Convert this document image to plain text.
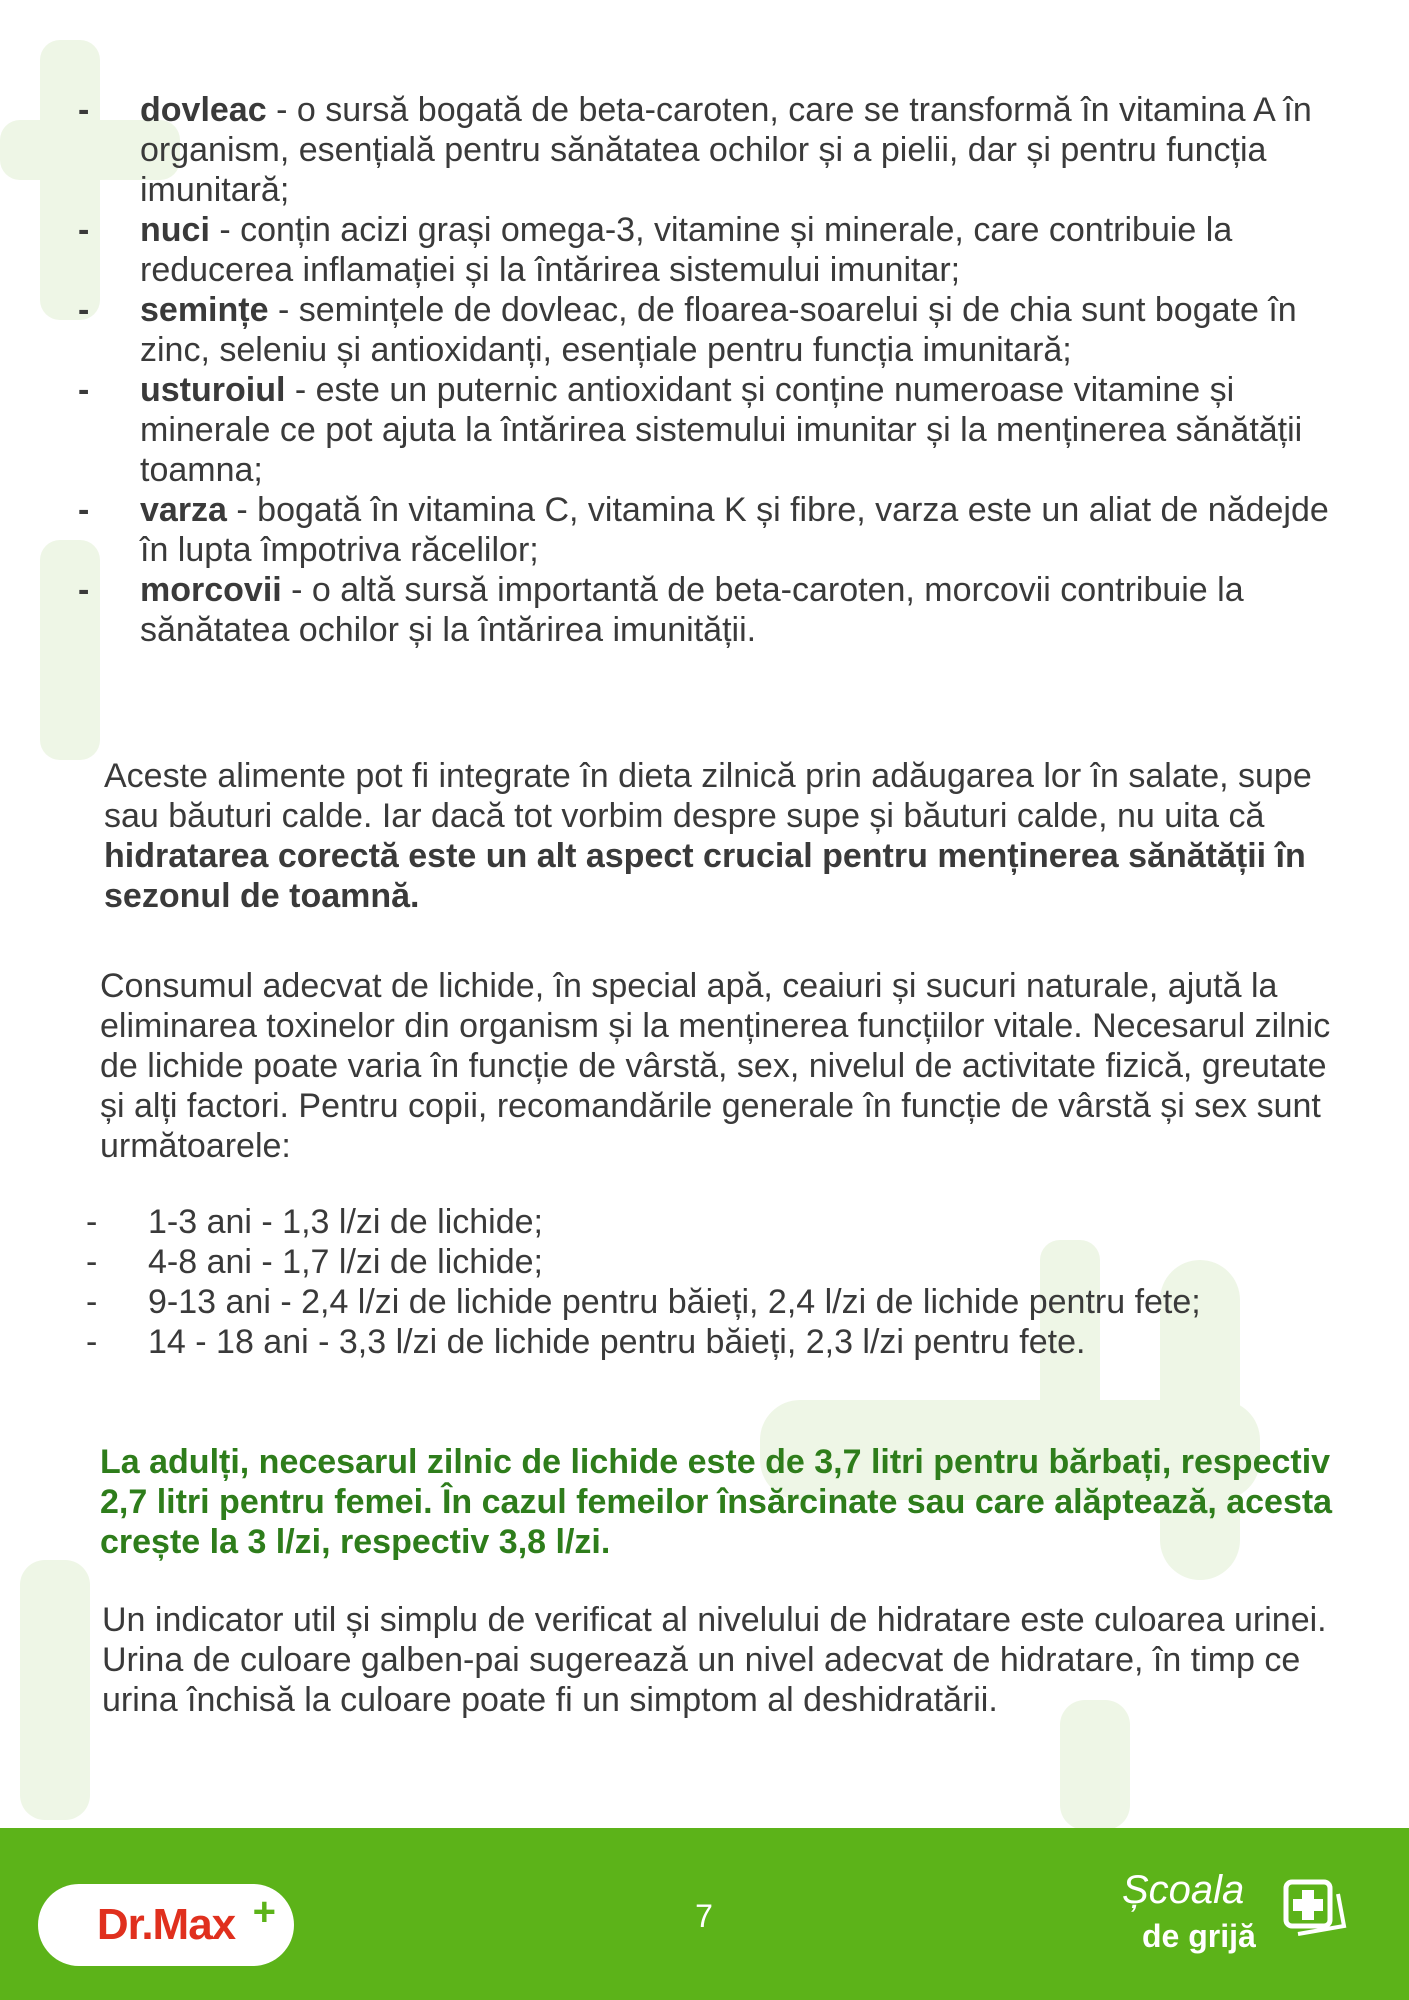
- dovleac - o sursă bogată de beta-caroten, care se transformă în vitamina A în organism, esențială pentru sănătatea ochilor și a pielii, dar și pentru funcția imunitară;
- nuci - conțin acizi grași omega-3, vitamine și minerale, care contribuie la reducerea inflamației și la întărirea sistemului imunitar;
- semințe - semințele de dovleac, de floarea-soarelui și de chia sunt bogate în zinc, seleniu și antioxidanți, esențiale pentru funcția imunitară;
- usturoiul - este un puternic antioxidant și conține numeroase vitamine și minerale ce pot ajuta la întărirea sistemului imunitar și la menținerea sănătății toamna;
- varza - bogată în vitamina C, vitamina K și fibre, varza este un aliat de nădejde în lupta împotriva răcelilor;
- morcovii - o altă sursă importantă de beta-caroten, morcovii contribuie la sănătatea ochilor și la întărirea imunității.

Aceste alimente pot fi integrate în dieta zilnică prin adăugarea lor în salate, supe sau băuturi calde. Iar dacă tot vorbim despre supe și băuturi calde, nu uita că hidratarea corectă este un alt aspect crucial pentru menținerea sănătății în sezonul de toamnă.

Consumul adecvat de lichide, în special apă, ceaiuri și sucuri naturale, ajută la eliminarea toxinelor din organism și la menținerea funcțiilor vitale. Necesarul zilnic de lichide poate varia în funcție de vârstă, sex, nivelul de activitate fizică, greutate și alți factori. Pentru copii, recomandările generale în funcție de vârstă și sex sunt următoarele:

- 1-3 ani - 1,3 l/zi de lichide;
- 4-8 ani - 1,7 l/zi de lichide;
- 9-13 ani - 2,4 l/zi de lichide pentru băieți, 2,4 l/zi de lichide pentru fete;
- 14 - 18 ani - 3,3 l/zi de lichide pentru băieți, 2,3 l/zi pentru fete.

La adulți, necesarul zilnic de lichide este de 3,7 litri pentru bărbați, respectiv 2,7 litri pentru femei. În cazul femeilor însărcinate sau care alăptează, acesta crește la 3 l/zi, respectiv 3,8 l/zi.

Un indicator util și simplu de verificat al nivelului de hidratare este culoarea urinei. Urina de culoare galben-pai sugerează un nivel adecvat de hidratare, în timp ce urina închisă la culoare poate fi un simptom al deshidratării.

Dr.Max +	7
Școala
de grijă
